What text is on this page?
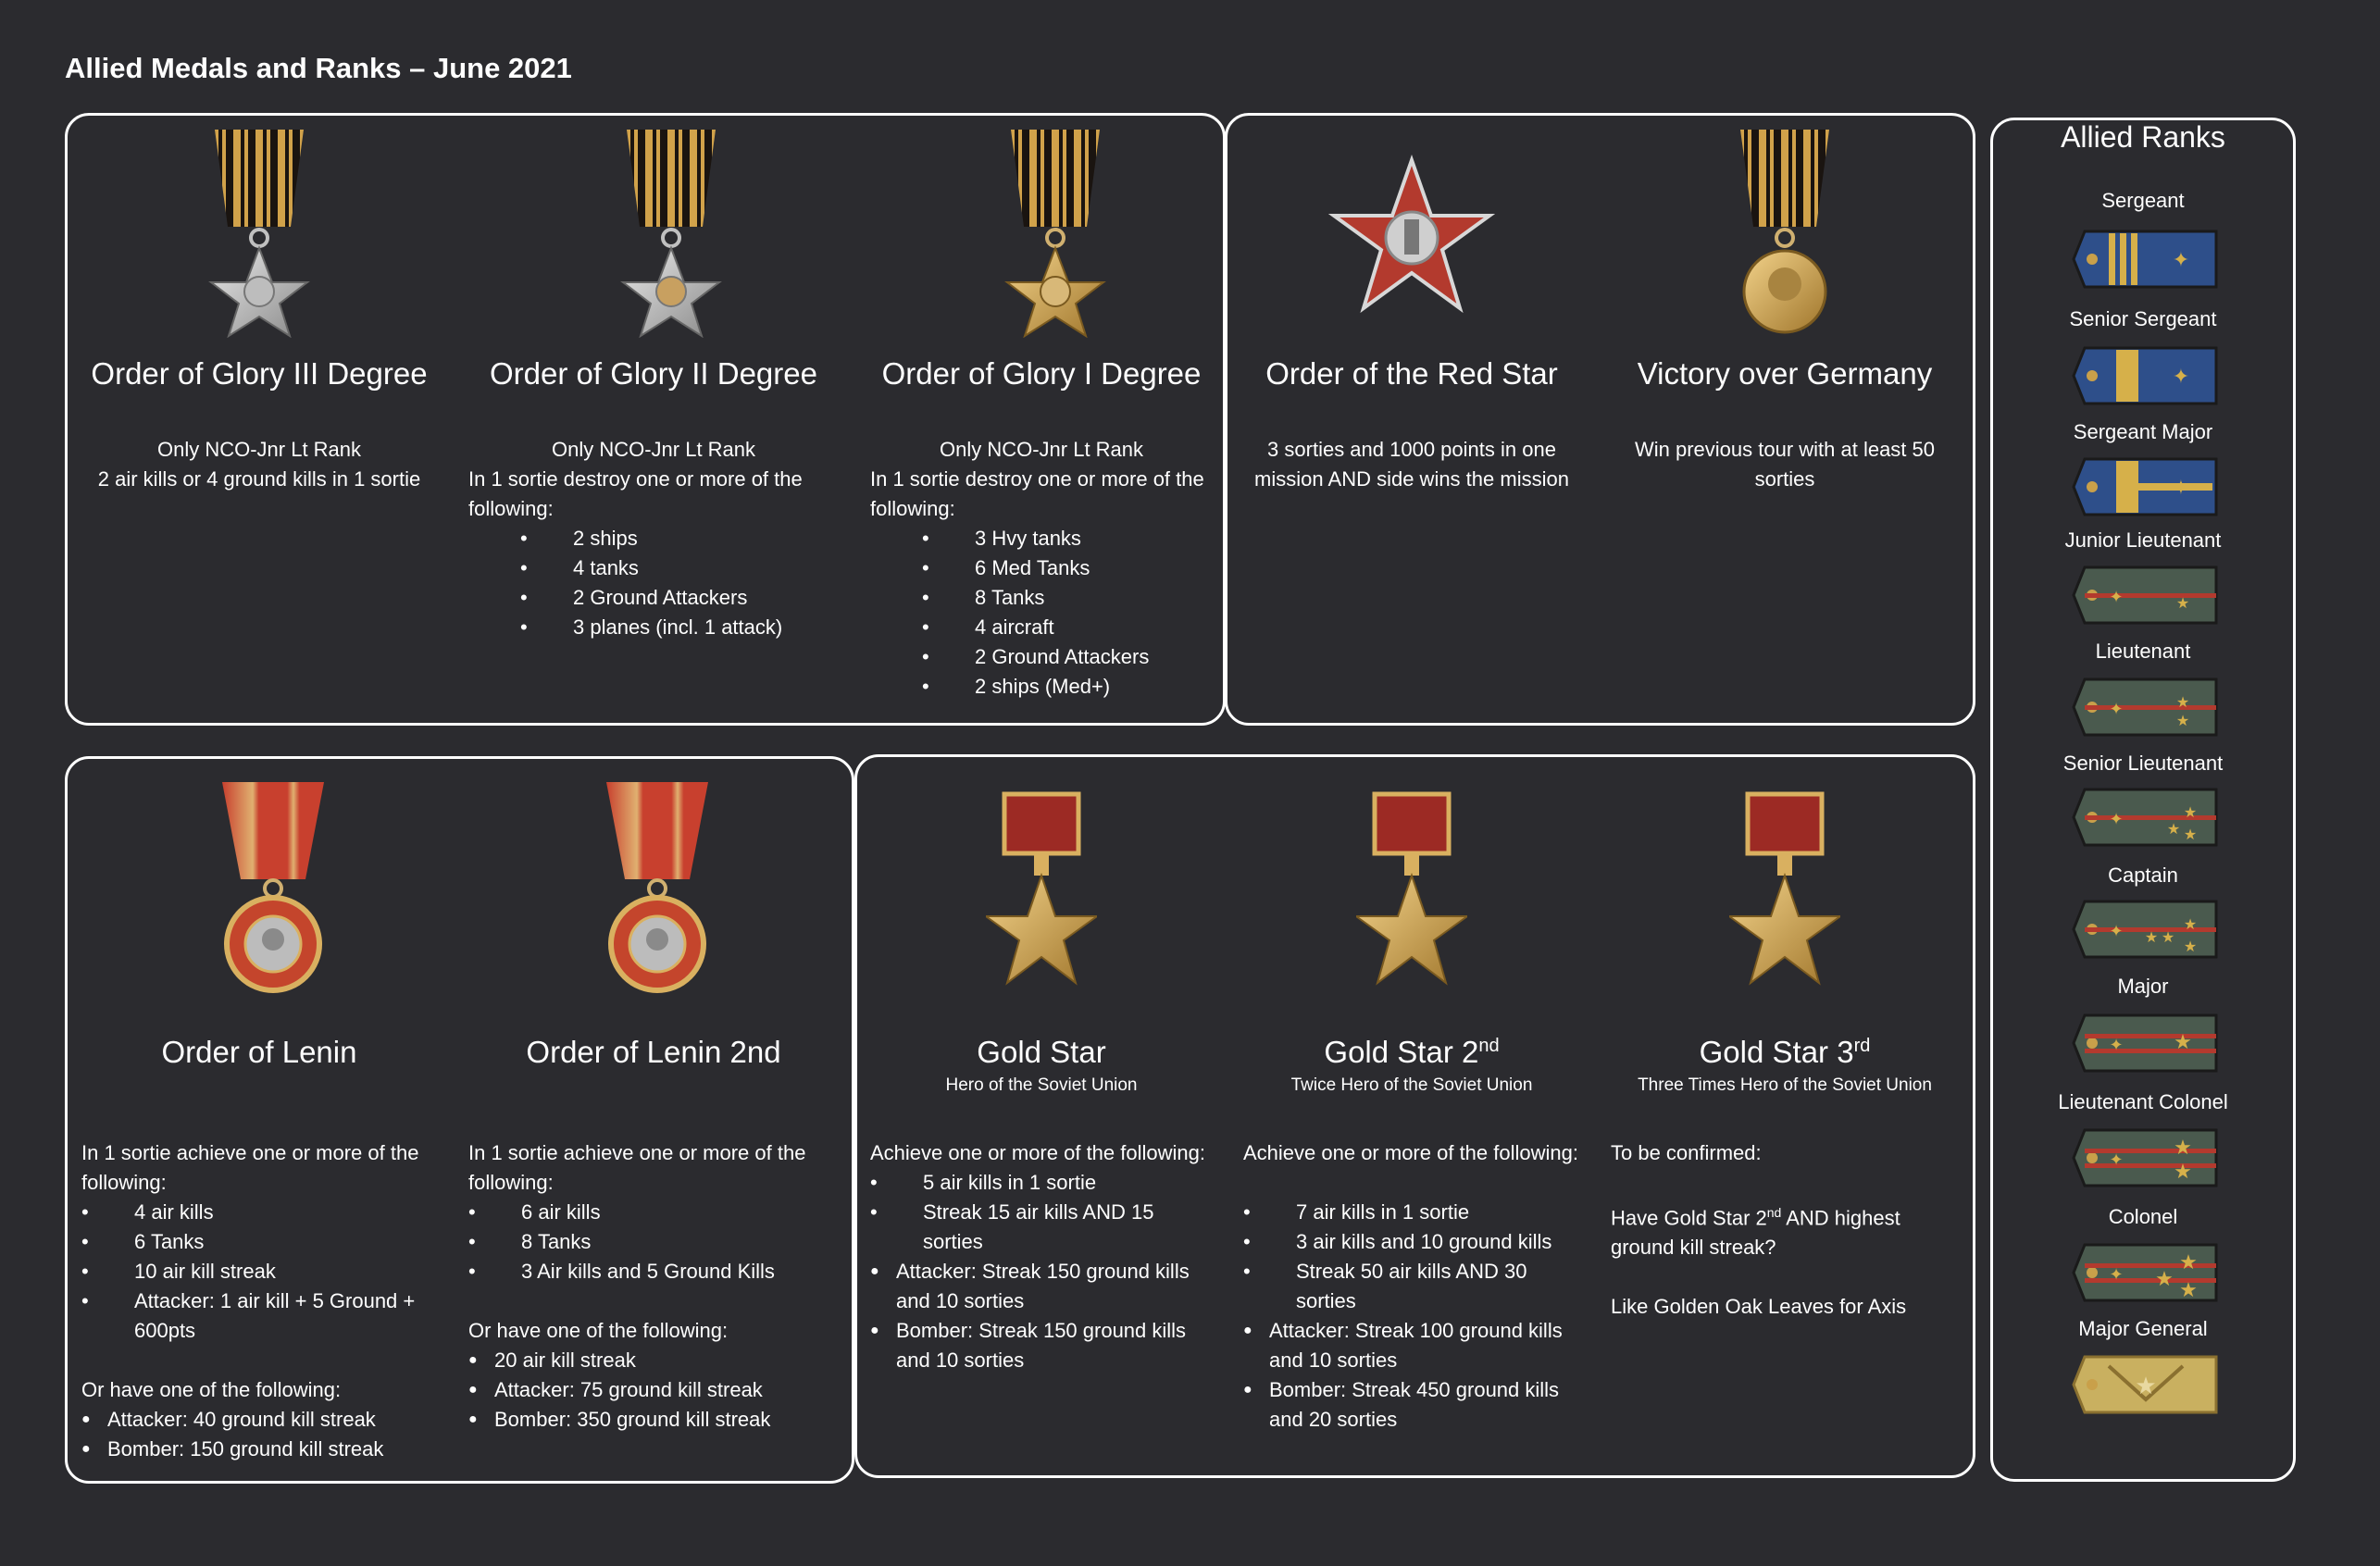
Allied Medals and Ranks – June 2021
Order of Glory III Degree
Only NCO-Jnr Lt Rank
2 air kills or 4 ground kills in 1 sortie
Order of Glory II Degree
Only NCO-Jnr Lt Rank
In 1 sortie destroy one or more of the following:
• 2 ships
• 4 tanks
• 2 Ground Attackers
• 3 planes (incl. 1 attack)
Order of Glory I Degree
Only NCO-Jnr Lt Rank
In 1 sortie destroy one or more of the following:
• 3 Hvy tanks
• 6 Med Tanks
• 8 Tanks
• 4 aircraft
• 2 Ground Attackers
• 2 ships (Med+)
Order of the Red Star
3 sorties and 1000 points in one mission AND side wins the mission
Victory over Germany
Win previous tour with at least 50 sorties
Order of Lenin
In 1 sortie achieve one or more of the following:
• 4 air kills
• 6 Tanks
• 10 air kill streak
• Attacker: 1 air kill + 5 Ground + 600pts
Or have one of the following:
● Attacker: 40 ground kill streak
● Bomber: 150 ground kill streak
Order of Lenin 2nd
In 1 sortie achieve one or more of the following:
• 6 air kills
• 8 Tanks
• 3 Air kills and 5 Ground Kills
Or have one of the following:
● 20 air kill streak
● Attacker: 75 ground kill streak
● Bomber: 350 ground kill streak
Gold Star
Hero of the Soviet Union
Achieve one or more of the following:
• 5 air kills in 1 sortie
• Streak 15 air kills AND 15 sorties
● Attacker: Streak 150 ground kills and 10 sorties
● Bomber: Streak 150 ground kills and 10 sorties
Gold Star 2nd
Twice Hero of the Soviet Union
Achieve one or more of the following:
• 7 air kills in 1 sortie
• 3 air kills and 10 ground kills
• Streak 50 air kills AND 30 sorties
● Attacker: Streak 100 ground kills and 10 sorties
● Bomber: Streak 450 ground kills and 20 sorties
Gold Star 3rd
Three Times Hero of the Soviet Union
To be confirmed:
Have Gold Star 2nd AND highest ground kill streak?
Like Golden Oak Leaves for Axis
Allied Ranks
Sergeant
✦
Senior Sergeant
✦
Sergeant Major
✦
Junior Lieutenant
✦	★
Lieutenant
✦	★
★
Senior Lieutenant
✦	★
★
★
Captain
✦ ★ ★
★
★
Major
✦ ★
Lieutenant Colonel
✦
★
★
Colonel
✦ ★
★
★
Major General
★
